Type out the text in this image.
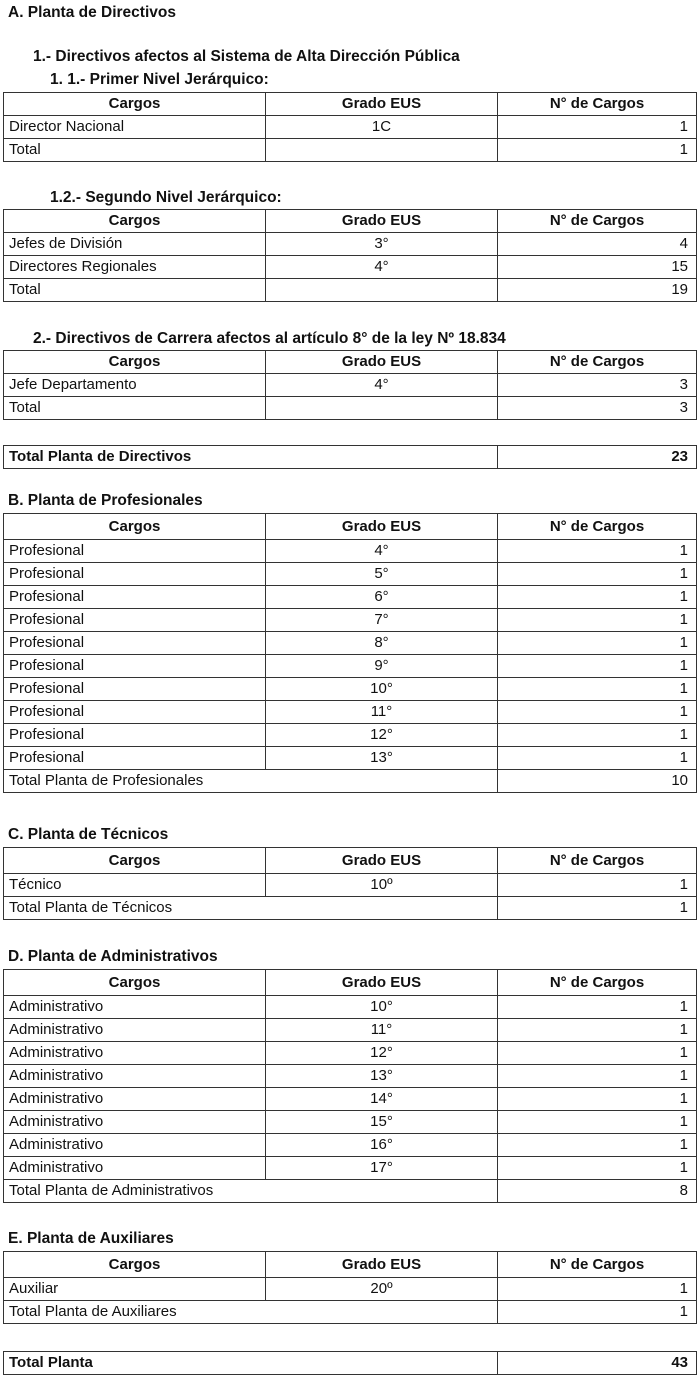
A. Planta de Directivos
1.- Directivos afectos al Sistema de Alta Dirección Pública
1. 1.- Primer Nivel Jerárquico:
Cargos	Grado EUS	N° de Cargos
Director Nacional	1C	1
Total		1
1.2.- Segundo Nivel Jerárquico:
Cargos	Grado EUS	N° de Cargos
Jefes de División	3°	4
Directores Regionales	4°	15
Total		19
2.- Directivos de Carrera afectos al artículo 8° de la ley Nº 18.834
Cargos	Grado EUS	N° de Cargos
Jefe Departamento	4°	3
Total		3
Total Planta de Directivos	23
B. Planta de Profesionales
Cargos	Grado EUS	N° de Cargos
Profesional	4°	1
Profesional	5°	1
Profesional	6°	1
Profesional	7°	1
Profesional	8°	1
Profesional	9°	1
Profesional	10°	1
Profesional	11°	1
Profesional	12°	1
Profesional	13°	1
Total Planta de Profesionales		10
C. Planta de Técnicos
Cargos	Grado EUS	N° de Cargos
Técnico	10º	1
Total Planta de Técnicos		1
D. Planta de Administrativos
Cargos	Grado EUS	N° de Cargos
Administrativo	10°	1
Administrativo	11°	1
Administrativo	12°	1
Administrativo	13°	1
Administrativo	14°	1
Administrativo	15°	1
Administrativo	16°	1
Administrativo	17°	1
Total Planta de Administrativos		8
E. Planta de Auxiliares
Cargos	Grado EUS	N° de Cargos
Auxiliar	20º	1
Total Planta de Auxiliares		1
Total Planta	43
